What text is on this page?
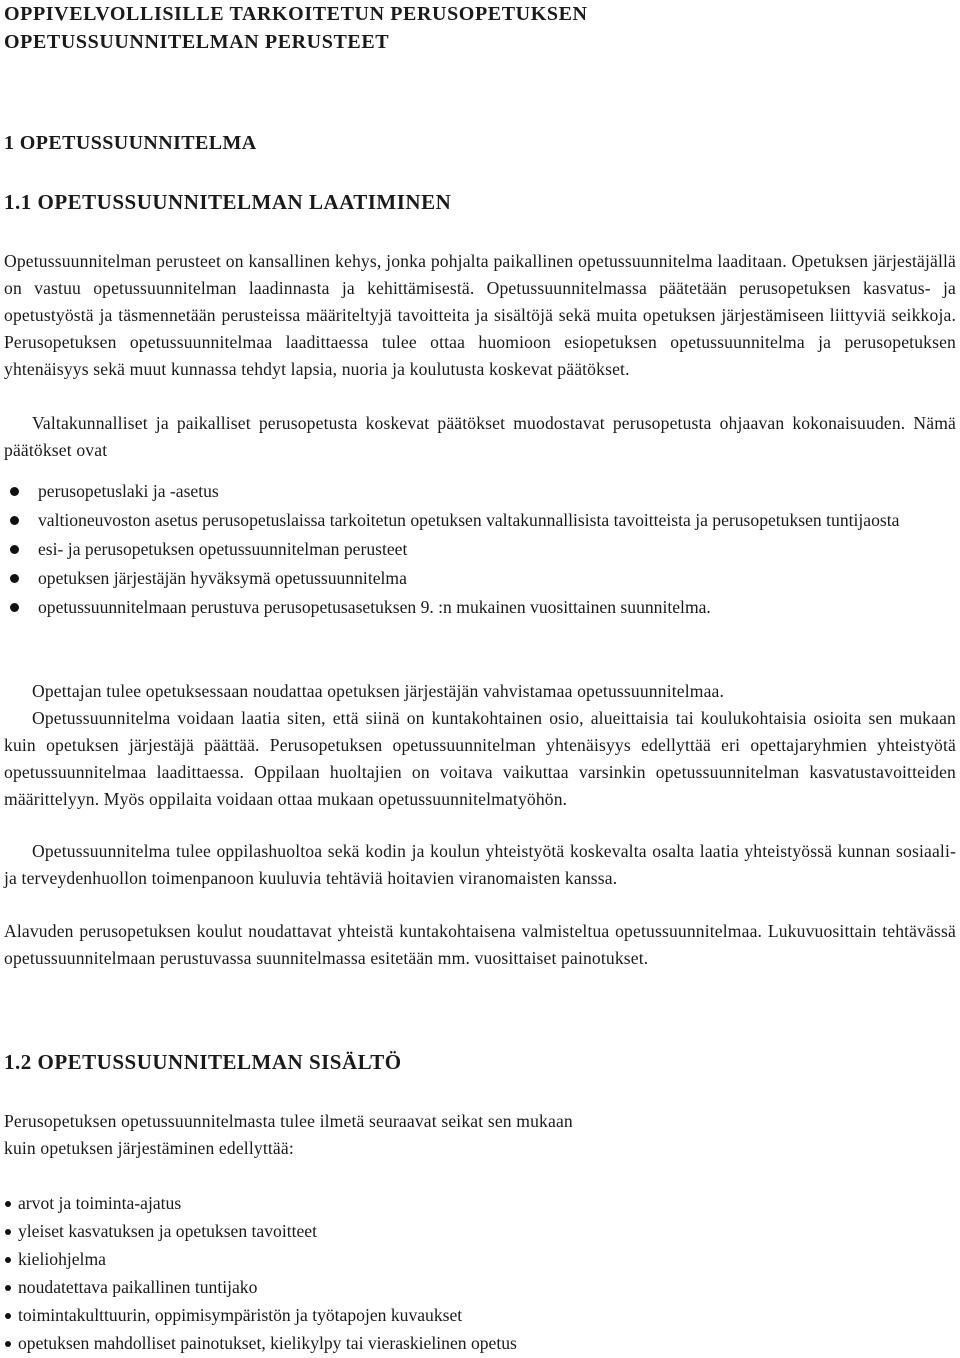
OPPIVELVOLLISILLE TARKOITETUN PERUSOPETUKSEN
OPETUSSUUNNITELMAN PERUSTEET
1 OPETUSSUUNNITELMA
1.1 OPETUSSUUNNITELMAN LAATIMINEN

Opetussuunnitelman perusteet on kansallinen kehys, jonka pohjalta paikallinen opetussuunnitelma laaditaan. Opetuksen järjestäjällä on vastuu opetussuunnitelman laadinnasta ja kehittämisestä. Opetussuunnitelmassa päätetään perusopetuksen kasvatus- ja opetustyöstä ja täsmennetään perusteissa määriteltyjä tavoitteita ja sisältöjä sekä muita opetuksen järjestämiseen liittyviä seikkoja. Perusopetuksen opetussuunnitelmaa laadittaessa tulee ottaa huomioon esiopetuksen opetussuunnitelma ja perusopetuksen yhtenäisyys sekä muut kunnassa tehdyt lapsia, nuoria ja koulutusta koskevat päätökset.

Valtakunnalliset ja paikalliset perusopetusta koskevat päätökset muodostavat perusopetusta ohjaavan kokonaisuuden. Nämä päätökset ovat

perusopetuslaki ja -asetus
valtioneuvoston asetus perusopetuslaissa tarkoitetun opetuksen valtakunnallisista tavoitteista ja perusopetuksen tuntijaosta
esi- ja perusopetuksen opetussuunnitelman perusteet
opetuksen järjestäjän hyväksymä opetussuunnitelma
opetussuunnitelmaan perustuva perusopetusasetuksen 9. :n mukainen vuosittainen suunnitelma.

Opettajan tulee opetuksessaan noudattaa opetuksen järjestäjän vahvistamaa opetussuunnitelmaa.

Opetussuunnitelma voidaan laatia siten, että siinä on kuntakohtainen osio, alueittaisia tai koulukohtaisia osioita sen mukaan kuin opetuksen järjestäjä päättää. Perusopetuksen opetussuunnitelman yhtenäisyys edellyttää eri opettajaryhmien yhteistyötä opetussuunnitelmaa laadittaessa. Oppilaan huoltajien on voitava vaikuttaa varsinkin opetussuunnitelman kasvatustavoitteiden määrittelyyn. Myös oppilaita voidaan ottaa mukaan opetussuunnitelmatyöhön.

Opetussuunnitelma tulee oppilashuoltoa sekä kodin ja koulun yhteistyötä koskevalta osalta laatia yhteistyössä kunnan sosiaali- ja terveydenhuollon toimenpanoon kuuluvia tehtäviä hoitavien viranomaisten kanssa.

Alavuden perusopetuksen koulut noudattavat yhteistä kuntakohtaisena valmisteltua opetussuunnitelmaa. Lukuvuosittain tehtävässä opetussuunnitelmaan perustuvassa suunnitelmassa esitetään mm. vuosittaiset painotukset.

1.2 OPETUSSUUNNITELMAN SISÄLTÖ

Perusopetuksen opetussuunnitelmasta tulee ilmetä seuraavat seikat sen mukaan
kuin opetuksen järjestäminen edellyttää:

arvot ja toiminta-ajatus
yleiset kasvatuksen ja opetuksen tavoitteet
kieliohjelma
noudatettava paikallinen tuntijako
toimintakulttuurin, oppimisympäristön ja työtapojen kuvaukset
opetuksen mahdolliset painotukset, kielikylpy tai vieraskielinen opetus
